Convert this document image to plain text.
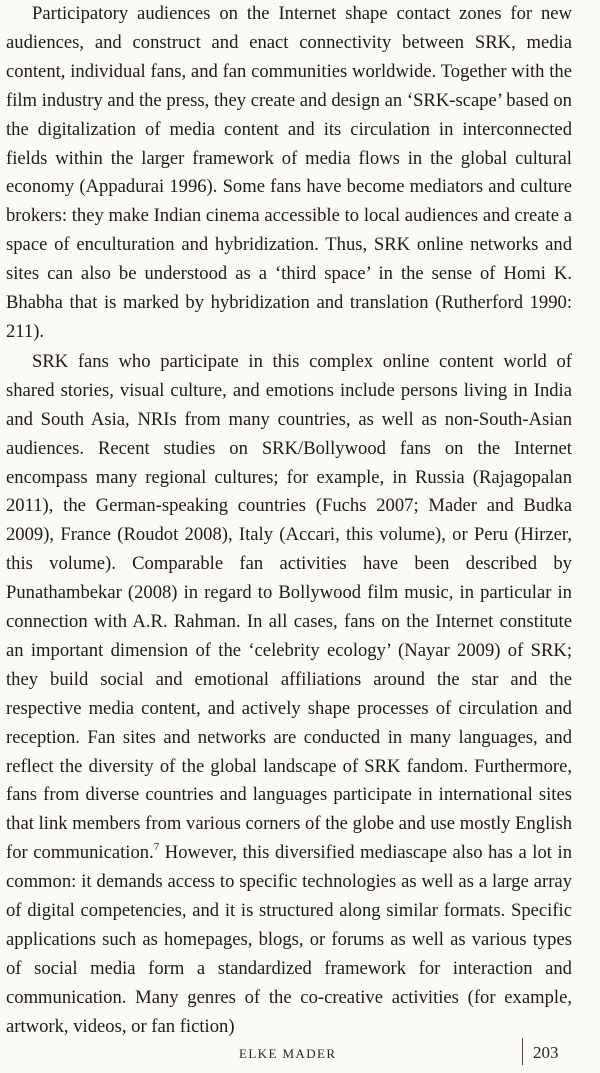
Participatory audiences on the Internet shape contact zones for new audiences, and construct and enact connectivity between SRK, media content, individual fans, and fan communities worldwide. Together with the film industry and the press, they create and design an ‘SRK-scape’ based on the digitalization of media content and its circulation in interconnected fields within the larger framework of media flows in the global cultural economy (Appadurai 1996). Some fans have become mediators and culture brokers: they make Indian cinema accessible to local audiences and create a space of enculturation and hybridization. Thus, SRK online networks and sites can also be understood as a ‘third space’ in the sense of Homi K. Bhabha that is marked by hybridization and translation (Rutherford 1990: 211).

SRK fans who participate in this complex online content world of shared stories, visual culture, and emotions include persons living in India and South Asia, NRIs from many countries, as well as non-South-Asian audiences. Recent studies on SRK/Bollywood fans on the Internet encompass many regional cultures; for example, in Russia (Rajagopalan 2011), the German-speaking countries (Fuchs 2007; Mader and Budka 2009), France (Roudot 2008), Italy (Accari, this volume), or Peru (Hirzer, this volume). Comparable fan activities have been described by Punathambekar (2008) in regard to Bollywood film music, in particular in connection with A.R. Rahman. In all cases, fans on the Internet constitute an important dimension of the ‘celebrity ecology’ (Nayar 2009) of SRK; they build social and emotional affiliations around the star and the respective media content, and actively shape processes of circulation and reception. Fan sites and networks are conducted in many languages, and reflect the diversity of the global landscape of SRK fandom. Furthermore, fans from diverse countries and languages participate in international sites that link members from various corners of the globe and use mostly English for communication.$^7$ However, this diversified mediascape also has a lot in common: it demands access to specific technologies as well as a large array of digital competencies, and it is structured along similar formats. Specific applications such as homepages, blogs, or forums as well as various types of social media form a standardized framework for interaction and communication. Many genres of the co-creative activities (for example, artwork, videos, or fan fiction)

ELKE MADER	203
